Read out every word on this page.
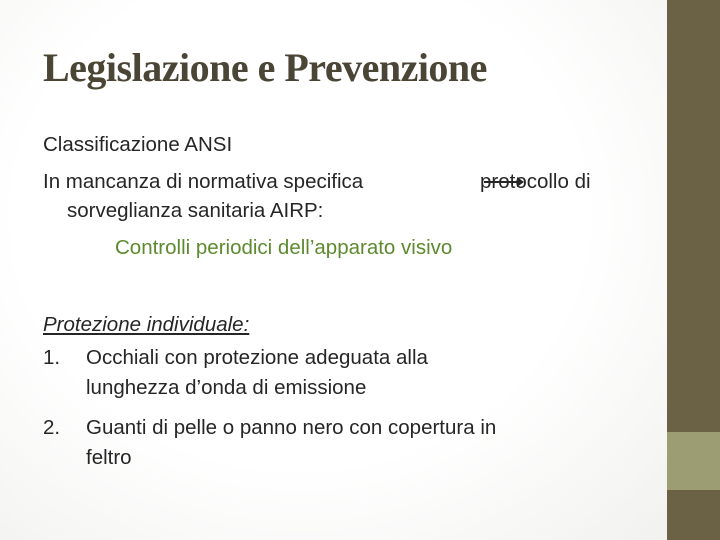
Legislazione e Prevenzione
Classificazione ANSI
In mancanza di normativa specifica	protocollo di
sorveglianza sanitaria AIRP:
Controlli periodici dell’apparato visivo
Protezione individuale:
1. Occhiali con protezione adeguata alla
lunghezza d’onda di emissione
2. Guanti di pelle o panno nero con copertura in
feltro
